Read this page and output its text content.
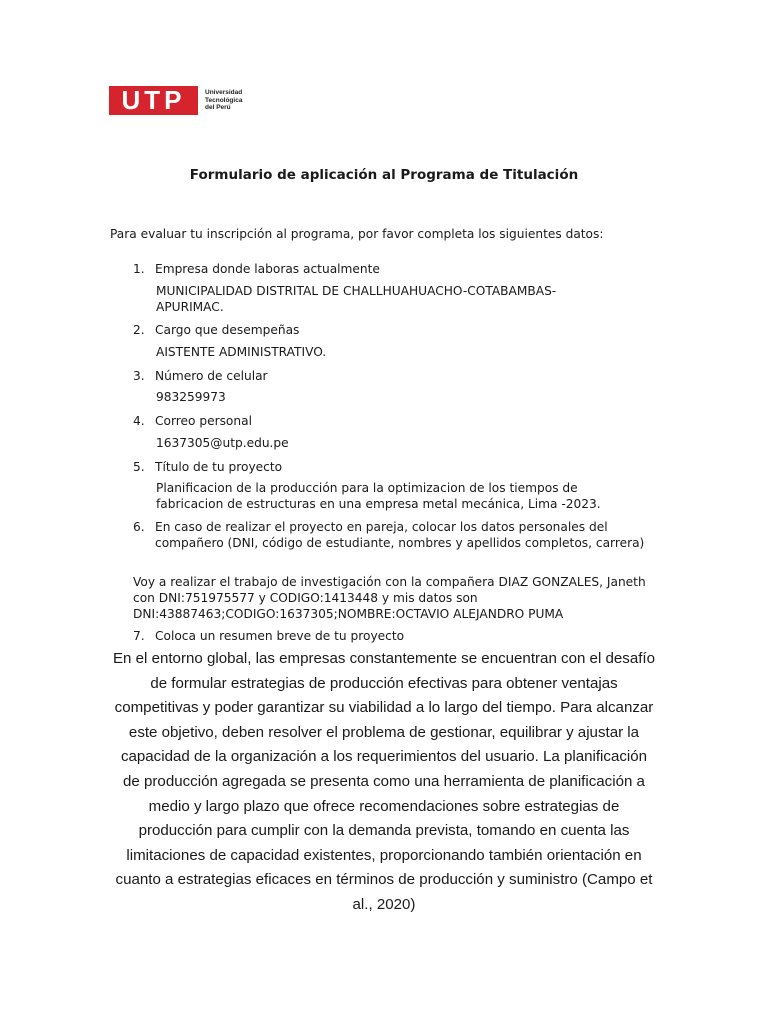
UTP	Universidad
Tecnológica
del Perú
Formulario de aplicación al Programa de Titulación
Para evaluar tu inscripción al programa, por favor completa los siguientes datos:
1. Empresa donde laboras actualmente
MUNICIPALIDAD DISTRITAL DE CHALLHUAHUACHO-COTABAMBAS-APURIMAC.
2. Cargo que desempeñas
AISTENTE ADMINISTRATIVO.
3. Número de celular
983259973
4. Correo personal
1637305@utp.edu.pe
5. Título de tu proyecto
Planificacion de la producción para la optimizacion de los tiempos de fabricacion de estructuras en una empresa metal mecánica, Lima -2023.
6. En caso de realizar el proyecto en pareja, colocar los datos personales del compañero (DNI, código de estudiante, nombres y apellidos completos, carrera)
Voy a realizar el trabajo de investigación con la compañera DIAZ GONZALES, Janeth con DNI:751975577 y CODIGO:1413448 y mis datos son DNI:43887463;CODIGO:1637305;NOMBRE:OCTAVIO ALEJANDRO PUMA
7. Coloca un resumen breve de tu proyecto
En el entorno global, las empresas constantemente se encuentran con el desafío de formular estrategias de producción efectivas para obtener ventajas competitivas y poder garantizar su viabilidad a lo largo del tiempo. Para alcanzar este objetivo, deben resolver el problema de gestionar, equilibrar y ajustar la capacidad de la organización a los requerimientos del usuario. La planificación de producción agregada se presenta como una herramienta de planificación a medio y largo plazo que ofrece recomendaciones sobre estrategias de producción para cumplir con la demanda prevista, tomando en cuenta las limitaciones de capacidad existentes, proporcionando también orientación en cuanto a estrategias eficaces en términos de producción y suministro (Campo et al., 2020)
